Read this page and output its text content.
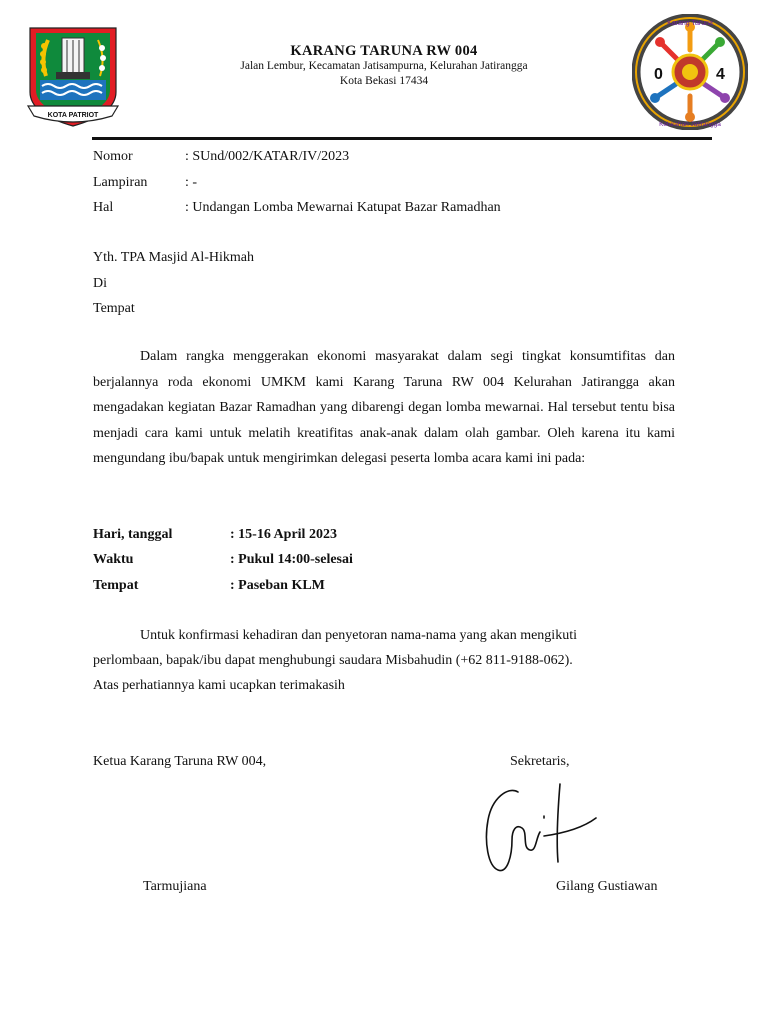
KOTA PATRIOT
0	4
Karang Taruna
Kelurahan Jatirangga
KARANG TARUNA RW 004
Jalan Lembur, Kecamatan Jatisampurna, Kelurahan Jatirangga
Kota Bekasi 17434
Nomor	: SUnd/002/KATAR/IV/2023
Lampiran	: -
Hal	: Undangan Lomba Mewarnai Katupat Bazar Ramadhan
Yth. TPA Masjid Al-Hikmah
Di
Tempat
Dalam rangka menggerakan ekonomi masyarakat dalam segi tingkat konsumtifitas dan berjalannya roda ekonomi UMKM kami Karang Taruna RW 004 Kelurahan Jatirangga akan mengadakan kegiatan Bazar Ramadhan yang dibarengi degan lomba mewarnai. Hal tersebut tentu bisa menjadi cara kami untuk melatih kreatifitas anak-anak dalam olah gambar. Oleh karena itu kami mengundang ibu/bapak untuk mengirimkan delegasi peserta lomba acara kami ini pada:
Hari, tanggal	: 15-16 April 2023
Waktu	: Pukul 14:00-selesai
Tempat	: Paseban KLM
Untuk konfirmasi kehadiran dan penyetoran nama-nama yang akan mengikuti
perlombaan, bapak/ibu dapat menghubungi saudara Misbahudin (+62 811-9188-062).
Atas perhatiannya kami ucapkan terimakasih
Ketua Karang Taruna RW 004,	Sekretaris,
Tarmujiana	Gilang Gustiawan
